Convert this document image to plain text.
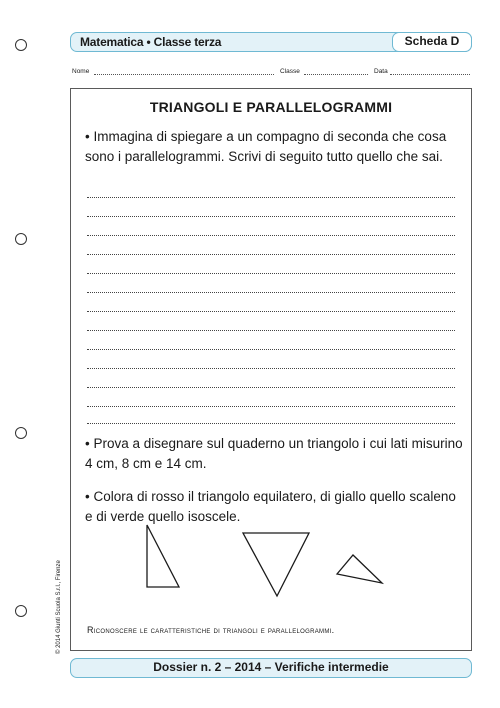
Matematica • Classe terza	Scheda D
Nome	Classe	Data
TRIANGOLI E PARALLELOGRAMMI
• Immagina di spiegare a un compagno di seconda che cosa sono i parallelogrammi. Scrivi di seguito tutto quello che sai.
• Prova a disegnare sul quaderno un triangolo i cui lati misurino 4 cm, 8 cm e 14 cm.
• Colora di rosso il triangolo equilatero, di giallo quello scaleno e di verde quello isoscele.
Riconoscere le caratteristiche di triangoli e parallelogrammi.
© 2014 Giunti Scuola S.r.l., Firenze
Dossier n. 2 – 2014 – Verifiche intermedie
